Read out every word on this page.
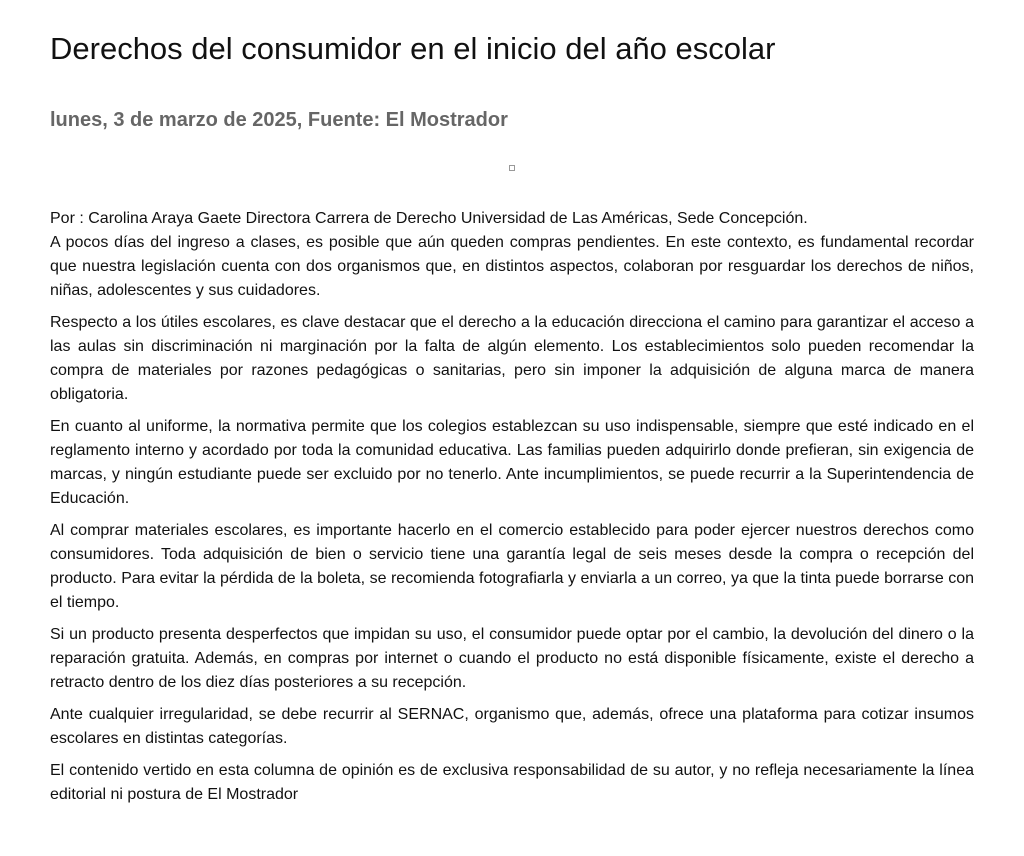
Derechos del consumidor en el inicio del año escolar
lunes, 3 de marzo de 2025, Fuente: El Mostrador

Por : Carolina Araya Gaete Directora Carrera de Derecho Universidad de Las Américas, Sede Concepción.

A pocos días del ingreso a clases, es posible que aún queden compras pendientes. En este contexto, es fundamental recordar que nuestra legislación cuenta con dos organismos que, en distintos aspectos, colaboran por resguardar los derechos de niños, niñas, adolescentes y sus cuidadores.

Respecto a los útiles escolares, es clave destacar que el derecho a la educación direcciona el camino para garantizar el acceso a las aulas sin discriminación ni marginación por la falta de algún elemento. Los establecimientos solo pueden recomendar la compra de materiales por razones pedagógicas o sanitarias, pero sin imponer la adquisición de alguna marca de manera obligatoria.

En cuanto al uniforme, la normativa permite que los colegios establezcan su uso indispensable, siempre que esté indicado en el reglamento interno y acordado por toda la comunidad educativa. Las familias pueden adquirirlo donde prefieran, sin exigencia de marcas, y ningún estudiante puede ser excluido por no tenerlo. Ante incumplimientos, se puede recurrir a la Superintendencia de Educación.

Al comprar materiales escolares, es importante hacerlo en el comercio establecido para poder ejercer nuestros derechos como consumidores. Toda adquisición de bien o servicio tiene una garantía legal de seis meses desde la compra o recepción del producto. Para evitar la pérdida de la boleta, se recomienda fotografiarla y enviarla a un correo, ya que la tinta puede borrarse con el tiempo.

Si un producto presenta desperfectos que impidan su uso, el consumidor puede optar por el cambio, la devolución del dinero o la reparación gratuita. Además, en compras por internet o cuando el producto no está disponible físicamente, existe el derecho a retracto dentro de los diez días posteriores a su recepción.

Ante cualquier irregularidad, se debe recurrir al SERNAC, organismo que, además, ofrece una plataforma para cotizar insumos escolares en distintas categorías.

El contenido vertido en esta columna de opinión es de exclusiva responsabilidad de su autor, y no refleja necesariamente la línea editorial ni postura de El Mostrador
